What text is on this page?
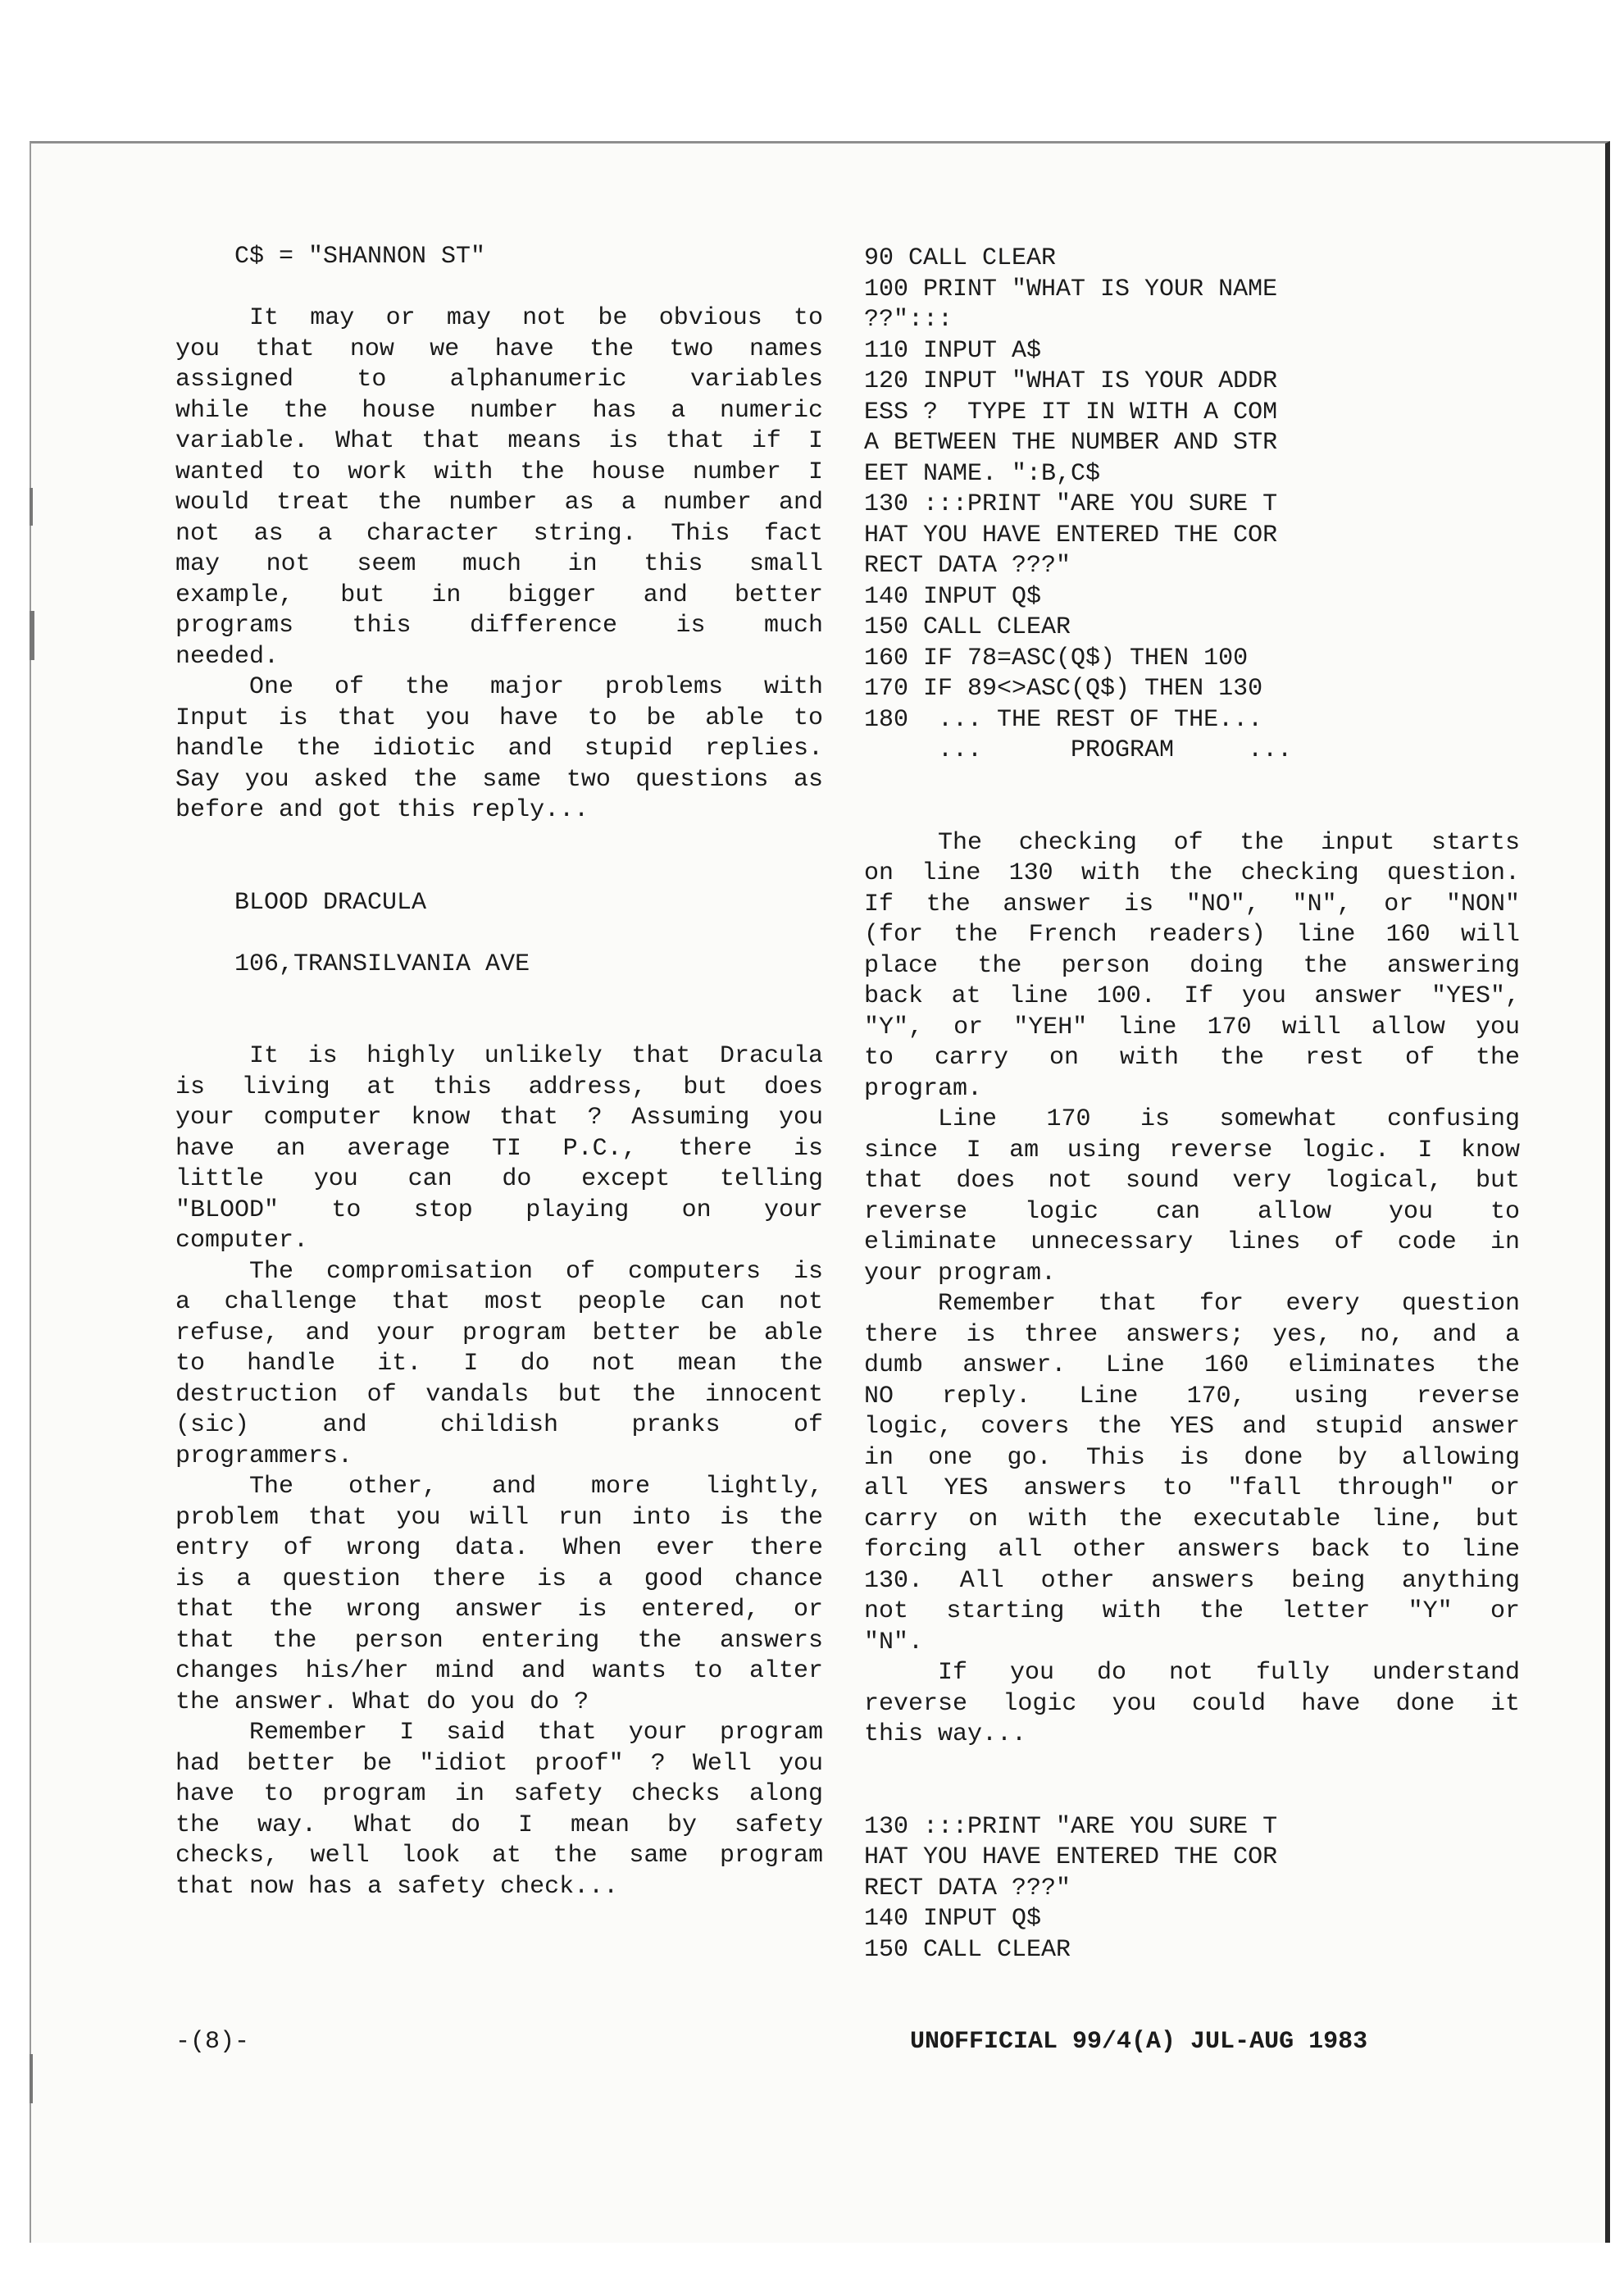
C$ = "SHANNON ST"
It may or may not be obvious to
you that now we have the two names
assigned to alphanumeric variables
while the house number has a numeric
variable. What that means is that if I
wanted to work with the house number I
would treat the number as a number and
not as a character string. This fact
may not seem much in this small
example, but in bigger and better
programs this difference is much
needed.
One of the major problems with
Input is that you have to be able to
handle the idiotic and stupid replies.
Say you asked the same two questions as
before and got this reply...
BLOOD DRACULA
106,TRANSILVANIA AVE
It is highly unlikely that Dracula
is living at this address, but does
your computer know that ? Assuming you
have an average TI P.C., there is
little you can do except telling
"BLOOD" to stop playing on your
computer.
The compromisation of computers is
a challenge that most people can not
refuse, and your program better be able
to handle it. I do not mean the
destruction of vandals but the innocent
(sic) and childish pranks of
programmers.
The other, and more lightly,
problem that you will run into is the
entry of wrong data. When ever there
is a question there is a good chance
that the wrong answer is entered, or
that the person entering the answers
changes his/her mind and wants to alter
the answer. What do you do ?
Remember I said that your program
had better be "idiot proof" ? Well you
have to program in safety checks along
the way. What do I mean by safety
checks, well look at the same program
that now has a safety check...
90 CALL CLEAR
100 PRINT "WHAT IS YOUR NAME
??":::
110 INPUT A$
120 INPUT "WHAT IS YOUR ADDR
ESS ?  TYPE IT IN WITH A COM
A BETWEEN THE NUMBER AND STR
EET NAME. ":B,C$
130 :::PRINT "ARE YOU SURE T
HAT YOU HAVE ENTERED THE COR
RECT DATA ???"
140 INPUT Q$
150 CALL CLEAR
160 IF 78=ASC(Q$) THEN 100
170 IF 89<>ASC(Q$) THEN 130
180  ... THE REST OF THE...
...      PROGRAM     ...
The checking of the input starts
on line 130 with the checking question.
If the answer is "NO", "N", or "NON"
(for the French readers) line 160 will
place the person doing the answering
back at line 100. If you answer "YES",
"Y", or "YEH" line 170 will allow you
to carry on with the rest of the
program.
Line 170 is somewhat confusing
since I am using reverse logic. I know
that does not sound very logical, but
reverse logic can allow you to
eliminate unnecessary lines of code in
your program.
Remember that for every question
there is three answers; yes, no, and a
dumb answer. Line 160 eliminates the
NO reply. Line 170, using reverse
logic, covers the YES and stupid answer
in one go. This is done by allowing
all YES answers to "fall through" or
carry on with the executable line, but
forcing all other answers back to line
130. All other answers being anything
not starting with the letter "Y" or
"N".
If you do not fully understand
reverse logic you could have done it
this way...
130 :::PRINT "ARE YOU SURE T
HAT YOU HAVE ENTERED THE COR
RECT DATA ???"
140 INPUT Q$
150 CALL CLEAR
-(8)-	UNOFFICIAL 99/4(A) JUL-AUG 1983
